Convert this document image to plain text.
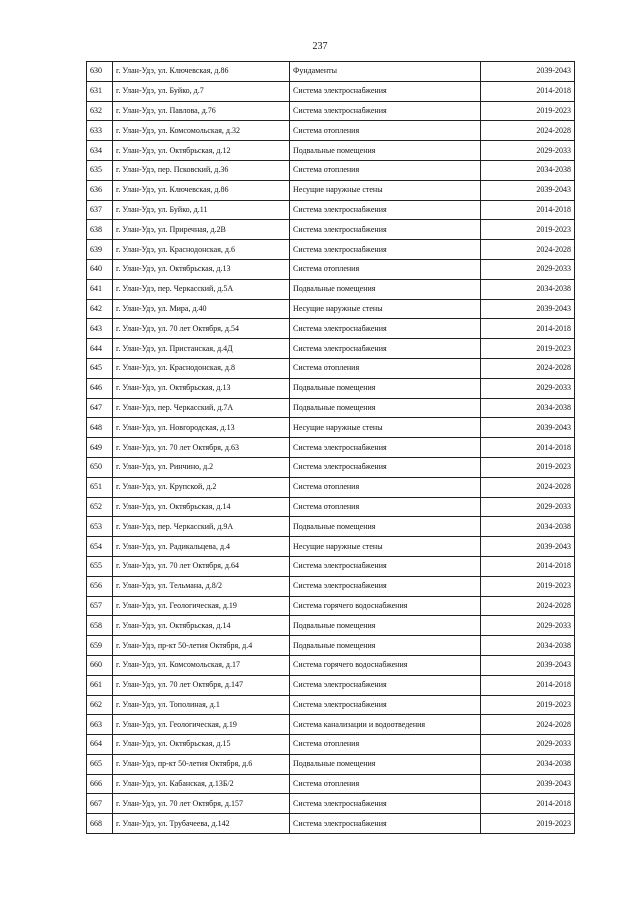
237
630	г. Улан-Удэ, ул. Ключевская, д.86	Фундаменты	2039-2043
631	г. Улан-Удэ, ул. Буйко, д.7	Система электроснабжения	2014-2018
632	г. Улан-Удэ, ул. Павлова, д.76	Система электроснабжения	2019-2023
633	г. Улан-Удэ, ул. Комсомольская, д.32	Система отопления	2024-2028
634	г. Улан-Удэ, ул. Октябрьская, д.12	Подвальные помещения	2029-2033
635	г. Улан-Удэ, пер. Псковский, д.36	Система отопления	2034-2038
636	г. Улан-Удэ, ул. Ключевская, д.86	Несущие наружные стены	2039-2043
637	г. Улан-Удэ, ул. Буйко, д.11	Система электроснабжения	2014-2018
638	г. Улан-Удэ, ул. Приречная, д.2В	Система электроснабжения	2019-2023
639	г. Улан-Удэ, ул. Краснодонская, д.6	Система электроснабжения	2024-2028
640	г. Улан-Удэ, ул. Октябрьская, д.13	Система отопления	2029-2033
641	г. Улан-Удэ, пер. Черкасский, д.5А	Подвальные помещения	2034-2038
642	г. Улан-Удэ, ул. Мира, д.40	Несущие наружные стены	2039-2043
643	г. Улан-Удэ, ул. 70 лет Октября, д.54	Система электроснабжения	2014-2018
644	г. Улан-Удэ, ул. Пристанская, д.4Д	Система электроснабжения	2019-2023
645	г. Улан-Удэ, ул. Краснодонская, д.8	Система отопления	2024-2028
646	г. Улан-Удэ, ул. Октябрьская, д.13	Подвальные помещения	2029-2033
647	г. Улан-Удэ, пер. Черкасский, д.7А	Подвальные помещения	2034-2038
648	г. Улан-Удэ, ул. Новгородская, д.13	Несущие наружные стены	2039-2043
649	г. Улан-Удэ, ул. 70 лет Октября, д.63	Система электроснабжения	2014-2018
650	г. Улан-Удэ, ул. Ринчино, д.2	Система электроснабжения	2019-2023
651	г. Улан-Удэ, ул. Крупской, д.2	Система отопления	2024-2028
652	г. Улан-Удэ, ул. Октябрьская, д.14	Система отопления	2029-2033
653	г. Улан-Удэ, пер. Черкасский, д.9А	Подвальные помещения	2034-2038
654	г. Улан-Удэ, ул. Радикальцева, д.4	Несущие наружные стены	2039-2043
655	г. Улан-Удэ, ул. 70 лет Октября, д.64	Система электроснабжения	2014-2018
656	г. Улан-Удэ, ул. Тельмана, д.8/2	Система электроснабжения	2019-2023
657	г. Улан-Удэ, ул. Геологическая, д.19	Система горячего водоснабжения	2024-2028
658	г. Улан-Удэ, ул. Октябрьская, д.14	Подвальные помещения	2029-2033
659	г. Улан-Удэ, пр-кт 50-летия Октября, д.4	Подвальные помещения	2034-2038
660	г. Улан-Удэ, ул. Комсомольская, д.17	Система горячего водоснабжения	2039-2043
661	г. Улан-Удэ, ул. 70 лет Октября, д.147	Система электроснабжения	2014-2018
662	г. Улан-Удэ, ул. Тополиная, д.1	Система электроснабжения	2019-2023
663	г. Улан-Удэ, ул. Геологическая, д.19	Система канализации и водоотведения	2024-2028
664	г. Улан-Удэ, ул. Октябрьская, д.15	Система отопления	2029-2033
665	г. Улан-Удэ, пр-кт 50-летия Октября, д.6	Подвальные помещения	2034-2038
666	г. Улан-Удэ, ул. Кабанская, д.13Б/2	Система отопления	2039-2043
667	г. Улан-Удэ, ул. 70 лет Октября, д.157	Система электроснабжения	2014-2018
668	г. Улан-Удэ, ул. Трубачеева, д.142	Система электроснабжения	2019-2023
